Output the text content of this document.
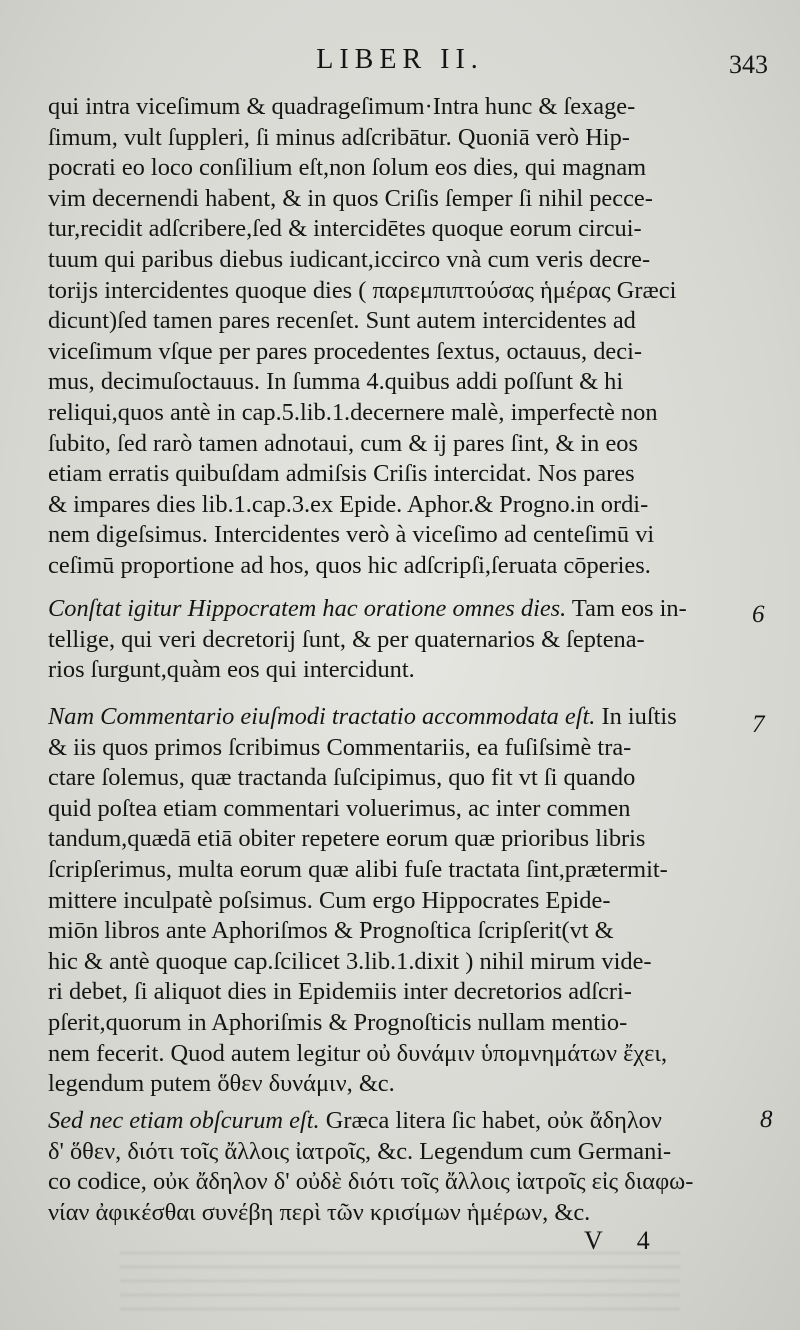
LIBER II.	343
qui intra viceſimum & quadrageſimum·Intra hunc & ſexage-
ſimum, vult ſuppleri, ſi minus adſcribātur. Quoniā verò Hip-
pocrati eo loco conſilium eſt,non ſolum eos dies, qui magnam
vim decernendi habent, & in quos Criſis ſemper ſi nihil pecce-
tur,recidit adſcribere,ſed & intercidētes quoque eorum circui-
tuum qui paribus diebus iudicant,iccirco vnà cum veris decre-
torijs intercidentes quoque dies ( παρεμπιπτούσας ἡμέρας Græci
dicunt)ſed tamen pares recenſet. Sunt autem intercidentes ad
viceſimum vſque per pares procedentes ſextus, octauus, deci-
mus, decimuſoctauus. In ſumma 4.quibus addi poſſunt & hi
reliqui,quos antè in cap.5.lib.1.decernere malè, imperfectè non
ſubito, ſed rarò tamen adnotaui, cum & ij pares ſint, & in eos
etiam erratis quibuſdam admiſsis Criſis intercidat. Nos pares
& impares dies lib.1.cap.3.ex Epide. Aphor.& Progno.in ordi-
nem digeſsimus. Intercidentes verò à viceſimo ad centeſimū vi
ceſimū proportione ad hos, quos hic adſcripſi,ſeruata cōperies.
6
Conſtat igitur Hippocratem hac oratione omnes dies. Tam eos in-
tellige, qui veri decretorij ſunt, & per quaternarios & ſeptena-
rios ſurgunt,quàm eos qui intercidunt.
7
Nam Commentario eiuſmodi tractatio accommodata eſt. In iuſtis
& iis quos primos ſcribimus Commentariis, ea fuſiſsimè tra-
ctare ſolemus, quæ tractanda ſuſcipimus, quo fit vt ſi quando
quid poſtea etiam commentari voluerimus, ac inter commen
tandum,quædā etiā obiter repetere eorum quæ prioribus libris
ſcripſerimus, multa eorum quæ alibi fuſe tractata ſint,prætermit-
mittere inculpatè poſsimus. Cum ergo Hippocrates Epide-
miōn libros ante Aphoriſmos & Prognoſtica ſcripſerit(vt &
hic & antè quoque cap.ſcilicet 3.lib.1.dixit ) nihil mirum vide-
ri debet, ſi aliquot dies in Epidemiis inter decretorios adſcri-
pſerit,quorum in Aphoriſmis & Prognoſticis nullam mentio-
nem fecerit. Quod autem legitur οὐ δυνάμιν ὑπομνημάτων ἔχει,
legendum putem ὅθεν δυνάμιν, &c.
8
Sed nec etiam obſcurum eſt. Græca litera ſic habet, οὐκ ἄδηλον
δ' ὅθεν, διότι τοῖς ἄλλοις ἰατροῖς, &c. Legendum cum Germani-
co codice, οὐκ ἄδηλον δ' οὐδὲ διότι τοῖς ἄλλοις ἰατροῖς εἰς διαφω-
νίαν ἀφικέσθαι συνέβη περὶ τῶν κρισίμων ἡμέρων, &c.
V 4
